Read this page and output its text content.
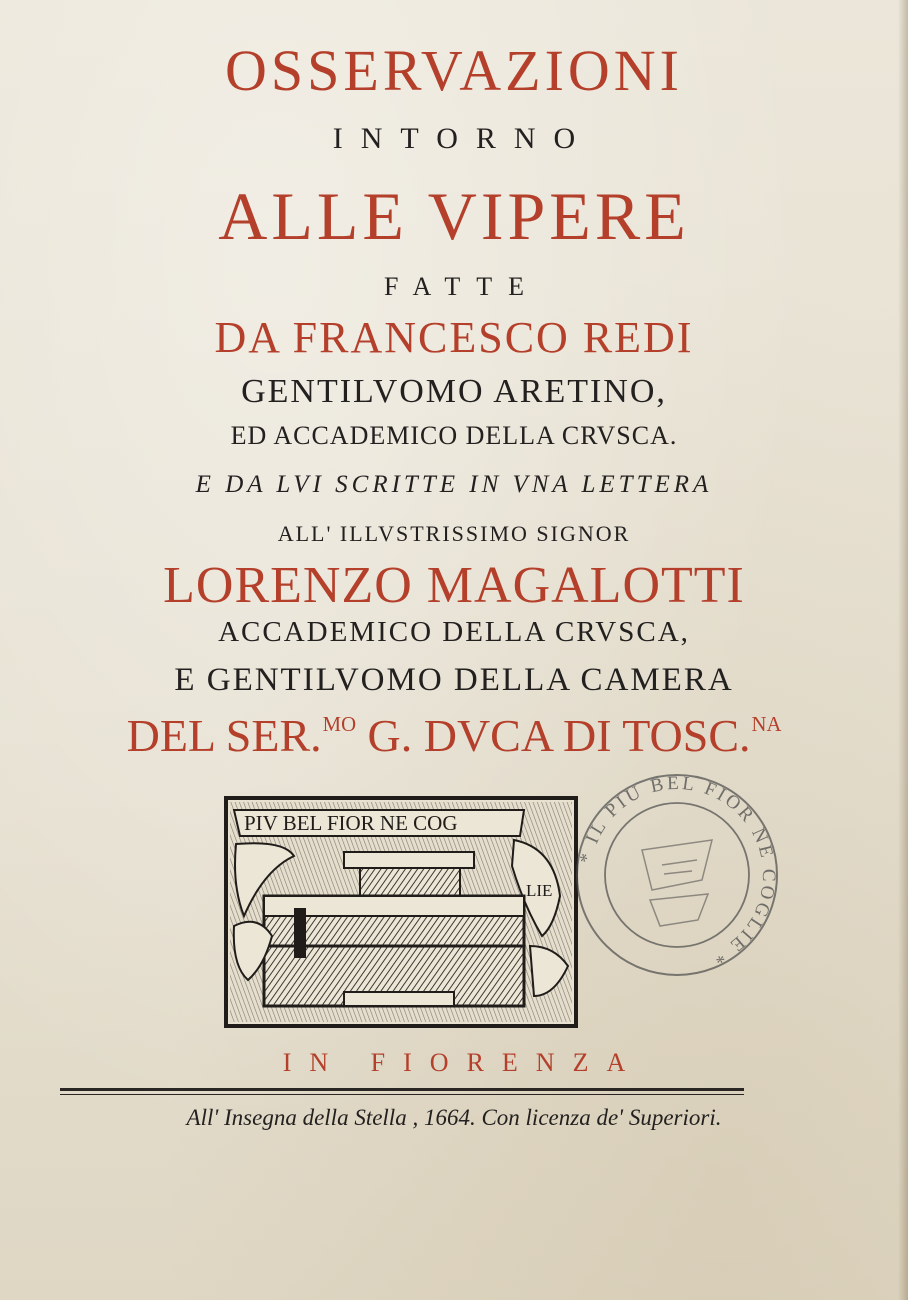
OSSERVAZIONI
INTORNO
ALLE VIPERE
FATTE
DA FRANCESCO REDI
GENTILVOMO ARETINO,
ED ACCADEMICO DELLA CRVSCA.
E DA LVI SCRITTE IN VNA LETTERA
ALL' ILLVSTRISSIMO SIGNOR
LORENZO MAGALOTTI
ACCADEMICO DELLA CRVSCA,
E GENTILVOMO DELLA CAMERA
DEL SER.$^{MO}$ G. DVCA DI TOSC.$^{NA}$
PIV BEL FIOR NE COG
LIE
* IL PIU BEL FIOR NE COGLIE *
IN FIORENZA
All' Insegna della Stella , 1664. Con licenza de' Superiori.
